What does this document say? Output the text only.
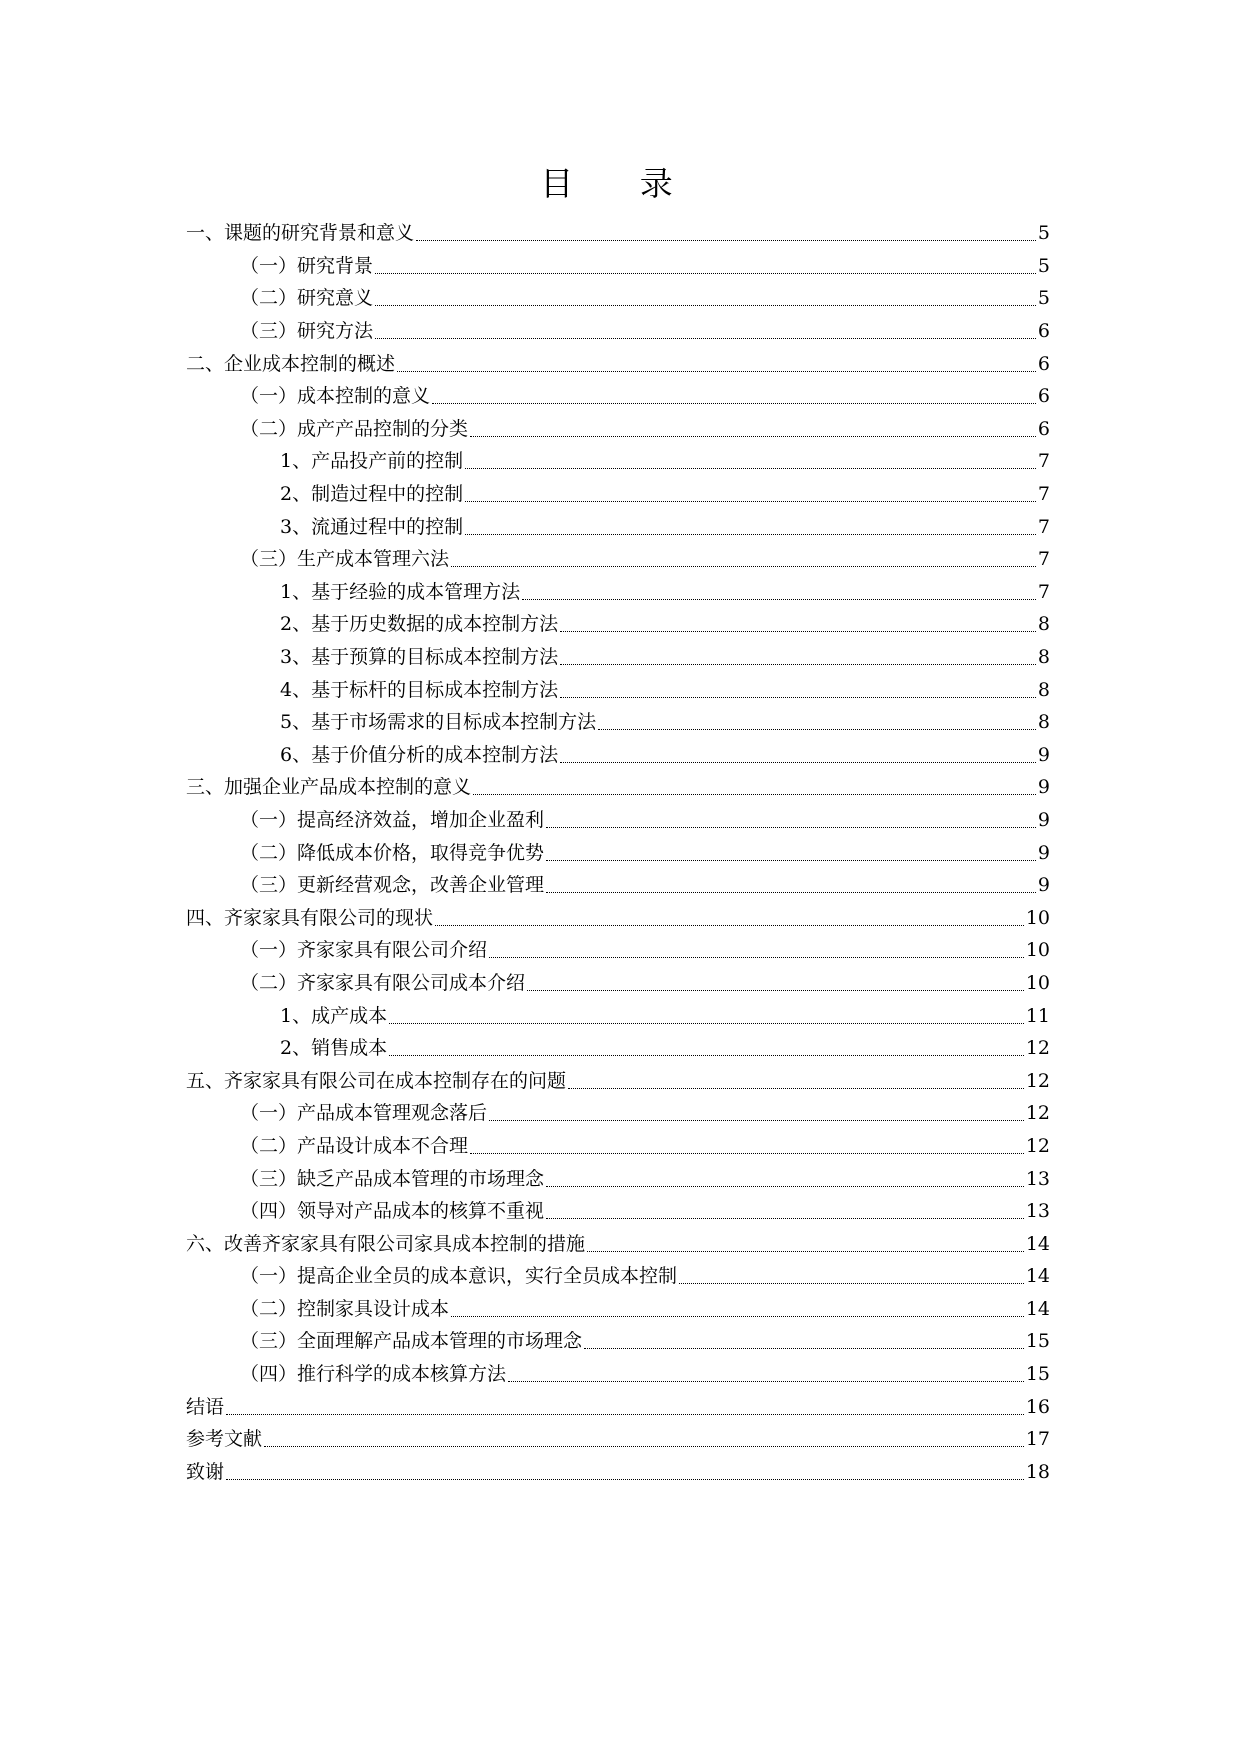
目 录
一、课题的研究背景和意义	5
（一）研究背景	5
（二）研究意义	5
（三）研究方法	6
二、企业成本控制的概述	6
（一）成本控制的意义	6
（二）成产产品控制的分类	6
1、产品投产前的控制	7
2、制造过程中的控制	7
3、流通过程中的控制	7
（三）生产成本管理六法	7
1、基于经验的成本管理方法	7
2、基于历史数据的成本控制方法	8
3、基于预算的目标成本控制方法	8
4、基于标杆的目标成本控制方法	8
5、基于市场需求的目标成本控制方法	8
6、基于价值分析的成本控制方法	9
三、加强企业产品成本控制的意义	9
（一）提高经济效益，增加企业盈利	9
（二）降低成本价格，取得竞争优势	9
（三）更新经营观念，改善企业管理	9
四、齐家家具有限公司的现状	10
（一）齐家家具有限公司介绍	10
（二）齐家家具有限公司成本介绍	10
1、成产成本	11
2、销售成本	12
五、齐家家具有限公司在成本控制存在的问题	12
（一）产品成本管理观念落后	12
（二）产品设计成本不合理	12
（三）缺乏产品成本管理的市场理念	13
（四）领导对产品成本的核算不重视	13
六、改善齐家家具有限公司家具成本控制的措施	14
（一）提高企业全员的成本意识，实行全员成本控制	14
（二）控制家具设计成本	14
（三）全面理解产品成本管理的市场理念	15
（四）推行科学的成本核算方法	15
结语	16
参考文献	17
致谢	18
